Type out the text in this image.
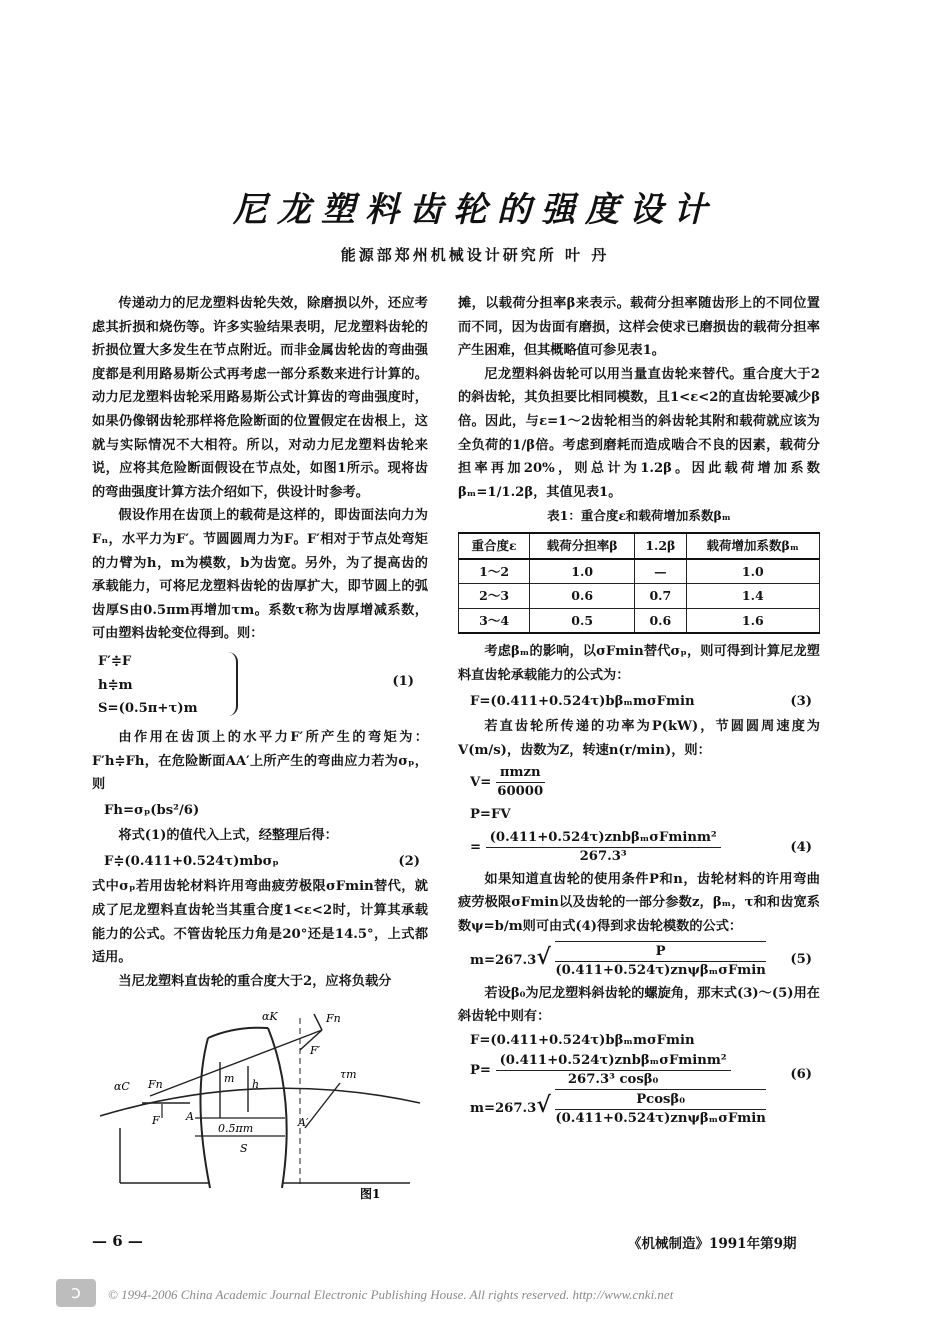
尼龙塑料齿轮的强度设计
能源部郑州机械设计研究所 叶 丹

传递动力的尼龙塑料齿轮失效，除磨损以外，还应考虑其折损和烧伤等。许多实验结果表明，尼龙塑料齿轮的折损位置大多发生在节点附近。而非金属齿轮齿的弯曲强度都是利用路易斯公式再考虑一部分系数来进行计算的。动力尼龙塑料齿轮采用路易斯公式计算齿的弯曲强度时，如果仍像钢齿轮那样将危险断面的位置假定在齿根上，这就与实际情况不大相符。所以，对动力尼龙塑料齿轮来说，应将其危险断面假设在节点处，如图1所示。现将齿的弯曲强度计算方法介绍如下，供设计时参考。

假设作用在齿顶上的载荷是这样的，即齿面法向力为Fₙ，水平力为F′。节圆圆周力为F。F′相对于节点处弯矩的力臂为h，m为模数，b为齿宽。另外，为了提高齿的承载能力，可将尼龙塑料齿轮的齿厚扩大，即节圆上的弧齿厚S由0.5πm再增加τm。系数τ称为齿厚增减系数，可由塑料齿轮变位得到。则：

F′≑F
h≑m
S=(0.5π+τ)m
(1)

由作用在齿顶上的水平力F′所产生的弯矩为：F′h≑Fh，在危险断面AA′上所产生的弯曲应力若为σₚ，则

Fh=σₚ(bs²/6)

将式(1)的值代入上式，经整理后得：

F≑(0.411+0.524τ)mbσₚ	(2)

式中σₚ若用齿轮材料许用弯曲疲劳极限σFmin替代，就成了尼龙塑料直齿轮当其重合度1<ε<2时，计算其承载能力的公式。不管齿轮压力角是20°还是14.5°，上式都适用。

当尼龙塑料直齿轮的重合度大于2，应将负载分

αK	Fn
F′
τm
αC Fn
F A	A′
m h
0.5πm
S
图1

摊，以载荷分担率β来表示。载荷分担率随齿形上的不同位置而不同，因为齿面有磨损，这样会使求已磨损齿的载荷分担率产生困难，但其概略值可参见表1。

尼龙塑料斜齿轮可以用当量直齿轮来替代。重合度大于2的斜齿轮，其负担要比相同模数，且1<ε<2的直齿轮要减少β倍。因此，与ε=1～2齿轮相当的斜齿轮其附和载荷就应该为全负荷的1/β倍。考虑到磨耗而造成啮合不良的因素，载荷分担率再加20%，则总计为1.2β。因此载荷增加系数βₘ=1/1.2β，其值见表1。

表1：重合度ε和载荷增加系数βₘ
重合度ε	载荷分担率β	1.2β	载荷增加系数βₘ
1～2	1.0	—	1.0
2～3	0.6	0.7	1.4
3～4	0.5	0.6	1.6

考虑βₘ的影响，以σFmin替代σₚ，则可得到计算尼龙塑料直齿轮承载能力的公式为：

F=(0.411+0.524τ)bβₘmσFmin	(3)

若直齿轮所传递的功率为P(kW)，节圆圆周速度为V(m/s)，齿数为Z，转速n(r/min)，则：

$V= \frac{\text{πmzn}}{60000}$
P=FV
= $\frac{\text{(0.411+0.524τ)znbβₘσFminm²}}{\text{267.3³}}$	(4)

如果知道直齿轮的使用条件P和n，齿轮材料的许用弯曲疲劳极限σFmin以及齿轮的一部分参数z，βₘ，τ和和齿宽系数ψ=b/m则可由式(4)得到求齿轮模数的公式：

$m=267.3√ \frac{P}{\text{(0.411+0.524τ)znψβₘσFmin}} (5)$

若设β₀为尼龙塑料斜齿轮的螺旋角，那末式(3)～(5)用在斜齿轮中则有：

F=(0.411+0.524τ)bβₘmσFmin
$P= \frac{\text{(0.411+0.524τ)znbβₘσFminm²}}{\text{267.3³ cosβ₀}}$
$m=267.3√ \frac{\text{Pcosβ₀}}{\text{(0.411+0.524τ)znψβₘσFmin}}$
(6)
— 6 —	《机械制造》1991年第9期
ɔ	© 1994-2006 China Academic Journal Electronic Publishing House. All rights reserved. http://www.cnki.net
